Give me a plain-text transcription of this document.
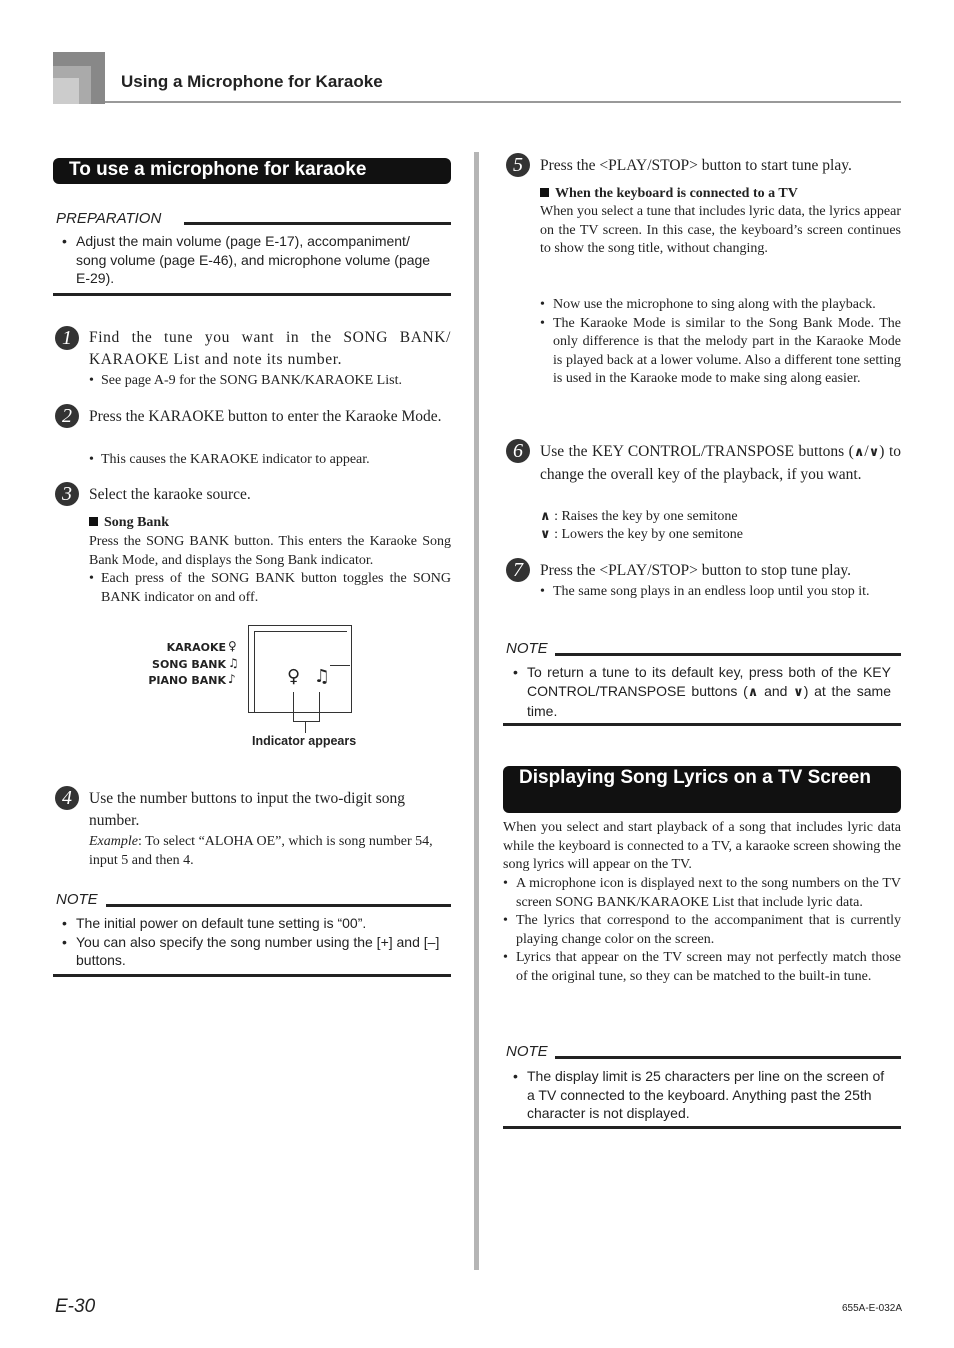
Using a Microphone for Karaoke
To use a microphone for karaoke
PREPARATION
• Adjust the main volume (page E-17), accompaniment/ song volume (page E-46), and microphone volume (page E-29).
1	Find the tune you want in the SONG BANK/ KARAOKE List and note its number.
• See page A-9 for the SONG BANK/KARAOKE List.
2	Press the KARAOKE button to enter the Karaoke Mode.
• This causes the KARAOKE indicator to appear.
3	Select the karaoke source.
Song Bank
Press the SONG BANK button. This enters the Karaoke Song Bank Mode, and displays the Song Bank indicator.
• Each press of the SONG BANK button toggles the SONG BANK indicator on and off.
KARAOKE
SONG BANK
PIANO BANK
♀
♫
♪	♀ ♫
Indicator appears
4	Use the number buttons to input the two-digit song number.
Example: To select “ALOHA OE”, which is song number 54, input 5 and then 4.
NOTE
• The initial power on default tune setting is “00”.
• You can also specify the song number using the [+] and [–] buttons.
5	Press the <PLAY/STOP> button to start tune play.
When the keyboard is connected to a TV
When you select a tune that includes lyric data, the lyrics appear on the TV screen. In this case, the keyboard’s screen continues to show the song title, without changing.
• Now use the microphone to sing along with the playback.
• The Karaoke Mode is similar to the Song Bank Mode. The only difference is that the melody part in the Karaoke Mode is played back at a lower volume. Also a different tone setting is used in the Karaoke mode to make sing along easier.
6	Use the KEY CONTROL/TRANSPOSE buttons (∧/∨) to change the overall key of the playback, if you want.
∧ : Raises the key by one semitone
∨ : Lowers the key by one semitone
7	Press the <PLAY/STOP> button to stop tune play.
• The same song plays in an endless loop until you stop it.
NOTE
• To return a tune to its default key, press both of the KEY CONTROL/TRANSPOSE buttons (∧ and ∨) at the same time.
Displaying Song Lyrics on a TV Screen
When you select and start playback of a song that includes lyric data while the keyboard is connected to a TV, a karaoke screen showing the song lyrics will appear on the TV.
• A microphone icon is displayed next to the song numbers on the TV screen SONG BANK/KARAOKE List that include lyric data.
• The lyrics that correspond to the accompaniment that is currently playing change color on the screen.
• Lyrics that appear on the TV screen may not perfectly match those of the original tune, so they can be matched to the built-in tune.
NOTE
• The display limit is 25 characters per line on the screen of a TV connected to the keyboard. Anything past the 25th character is not displayed.
E-30	655A-E-032A
